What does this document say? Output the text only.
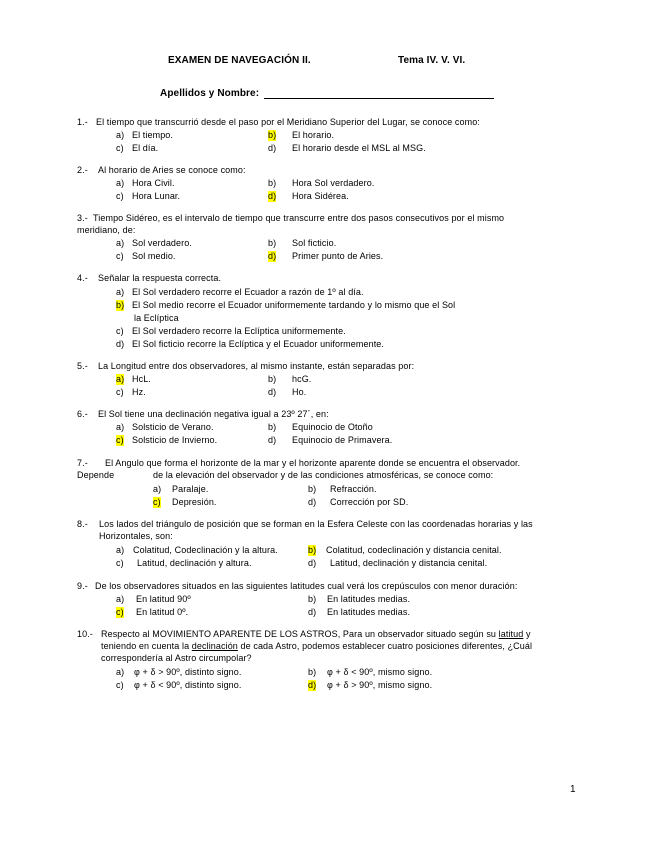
EXAMEN DE NAVEGACIÓN II.	Tema IV. V. VI.
Apellidos y Nombre:
1.- El tiempo que transcurrió desde el paso por el Meridiano Superior del Lugar, se conoce como:
a) El tiempo.	b) El horario.
c) El día.	d) El horario desde el MSL al MSG.
2.- Al horario de Aries se conoce como:
a) Hora Civil.	b) Hora Sol verdadero.
c) Hora Lunar.	d) Hora Sidérea.
3.- Tiempo Sidéreo, es el intervalo de tiempo que transcurre entre dos pasos consecutivos por el mismo
meridiano, de:
a) Sol verdadero.	b) Sol ficticio.
c) Sol medio.	d) Primer punto de Aries.
4.- Señalar la respuesta correcta.
a) El Sol verdadero recorre el Ecuador a razón de 1º al día.
b) El Sol medio recorre el Ecuador uniformemente tardando y lo mismo que el Sol
la Eclíptica
c) El Sol verdadero recorre la Eclíptica uniformemente.
d) El Sol ficticio recorre la Eclíptica y el Ecuador uniformemente.
5.- La Longitud entre dos observadores, al mismo instante, están separadas por:
a) HcL.	b) hcG.
c) Hz.	d) Ho.
6.- El Sol tiene una declinación negativa igual a 23º 27´, en:
a) Solsticio de Verano.	b) Equinocio de Otoño
c) Solsticio de Invierno.	d) Equinocio de Primavera.
7.- El Angulo que forma el horizonte de la mar y el horizonte aparente donde se encuentra el observador.
Depende	de la elevación del observador y de las condiciones atmosféricas, se conoce como:
a) Paralaje.	b) Refracción.
c) Depresión.	d) Corrección por SD.
8.- Los lados del triángulo de posición que se forman en la Esfera Celeste con las coordenadas horarias y las
Horizontales, son:
a) Colatitud, Codeclinación y la altura.	b) Colatitud, codeclinación y distancia cenital.
c) Latitud, declinación y altura.	d) Latitud, declinación y distancia cenital.
9.- De los observadores situados en las siguientes latitudes cual verá los crepúsculos con menor duración:
a) En latitud 90º	b) En latitudes medias.
c) En latitud 0º.	d) En latitudes medias.
10.- Respecto al MOVIMIENTO APARENTE DE LOS ASTROS, Para un observador situado según su latitud y
teniendo en cuenta la declinación de cada Astro, podemos establecer cuatro posiciones diferentes, ¿Cuál
correspondería al Astro circumpolar?
a) φ + δ > 90º, distinto signo.	b) φ + δ < 90º, mismo signo.
c) φ + δ < 90º, distinto signo.	d) φ + δ > 90º, mismo signo.
1
